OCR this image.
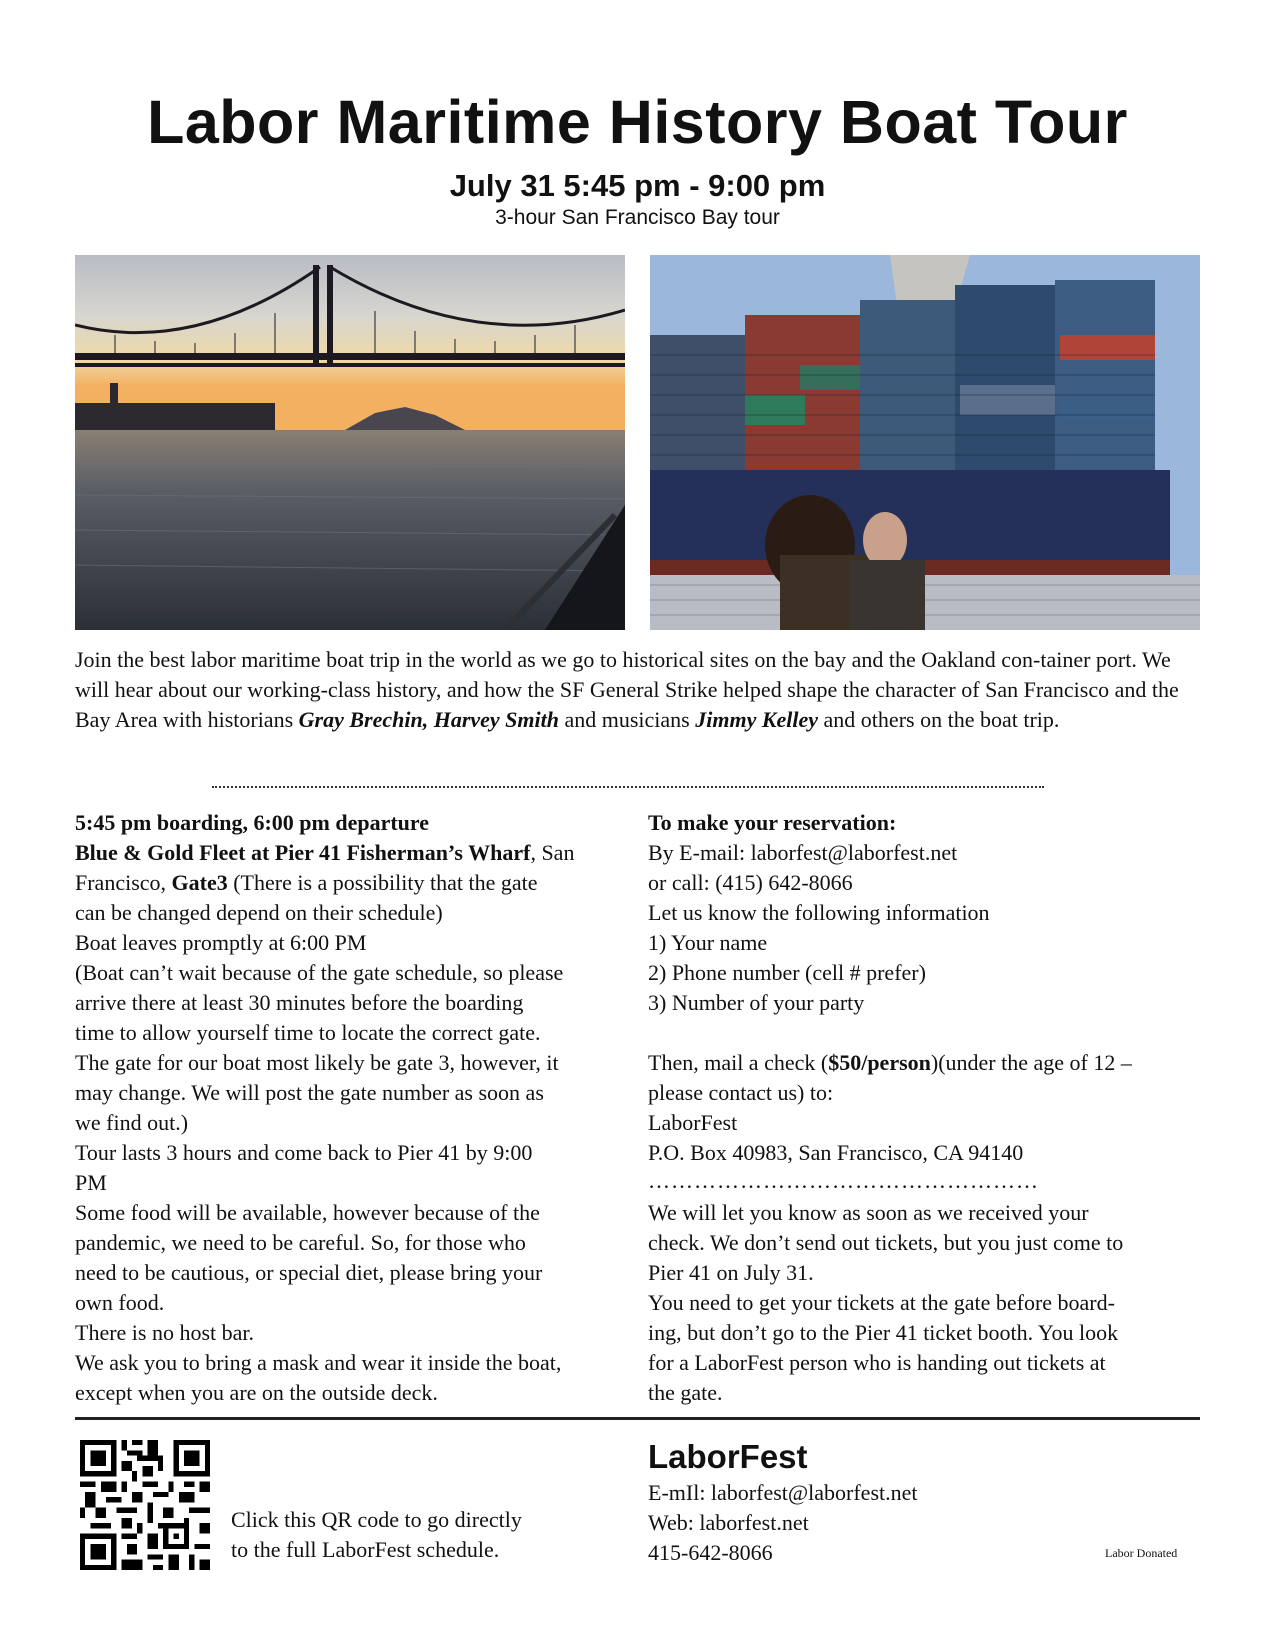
Labor Maritime History Boat Tour
July 31 5:45 pm - 9:00 pm
3-hour San Francisco Bay tour
Join the best labor maritime boat trip in the world as we go to historical sites on the bay and the Oakland con-tainer port. We will hear about our working-class history, and how the SF General Strike helped shape the character of San Francisco and the Bay Area with historians Gray Brechin, Harvey Smith and musicians Jimmy Kelley and others on the boat trip.
5:45 pm boarding, 6:00 pm departure
Blue & Gold Fleet at Pier 41 Fisherman’s Wharf, San
Francisco, Gate3 (There is a possibility that the gate
can be changed depend on their schedule)
Boat leaves promptly at 6:00 PM
(Boat can’t wait because of the gate schedule, so please
arrive there at least 30 minutes before the boarding
time to allow yourself time to locate the correct gate.
The gate for our boat most likely be gate 3, however, it
may change. We will post the gate number as soon as
we find out.)
Tour lasts 3 hours and come back to Pier 41 by 9:00
PM
Some food will be available, however because of the
pandemic, we need to be careful. So, for those who
need to be cautious, or special diet, please bring your
own food.
There is no host bar.
We ask you to bring a mask and wear it inside the boat,
except when you are on the outside deck.
To make your reservation:
By E-mail: laborfest@laborfest.net
or call: (415) 642-8066
Let us know the following information
1) Your name
2) Phone number (cell # prefer)
3) Number of your party
Then, mail a check ($50/person)(under the age of 12 –
please contact us) to:
LaborFest
P.O. Box 40983, San Francisco, CA 94140
……………………………………………
We will let you know as soon as we received your
check. We don’t send out tickets, but you just come to
Pier 41 on July 31.
You need to get your tickets at the gate before board-
ing, but don’t go to the Pier 41 ticket booth. You look
for a LaborFest person who is handing out tickets at
the gate.
Click this QR code to go directly
to the full LaborFest schedule.
LaborFest
E-mIl: laborfest@laborfest.net
Web: laborfest.net
415-642-8066	Labor Donated
